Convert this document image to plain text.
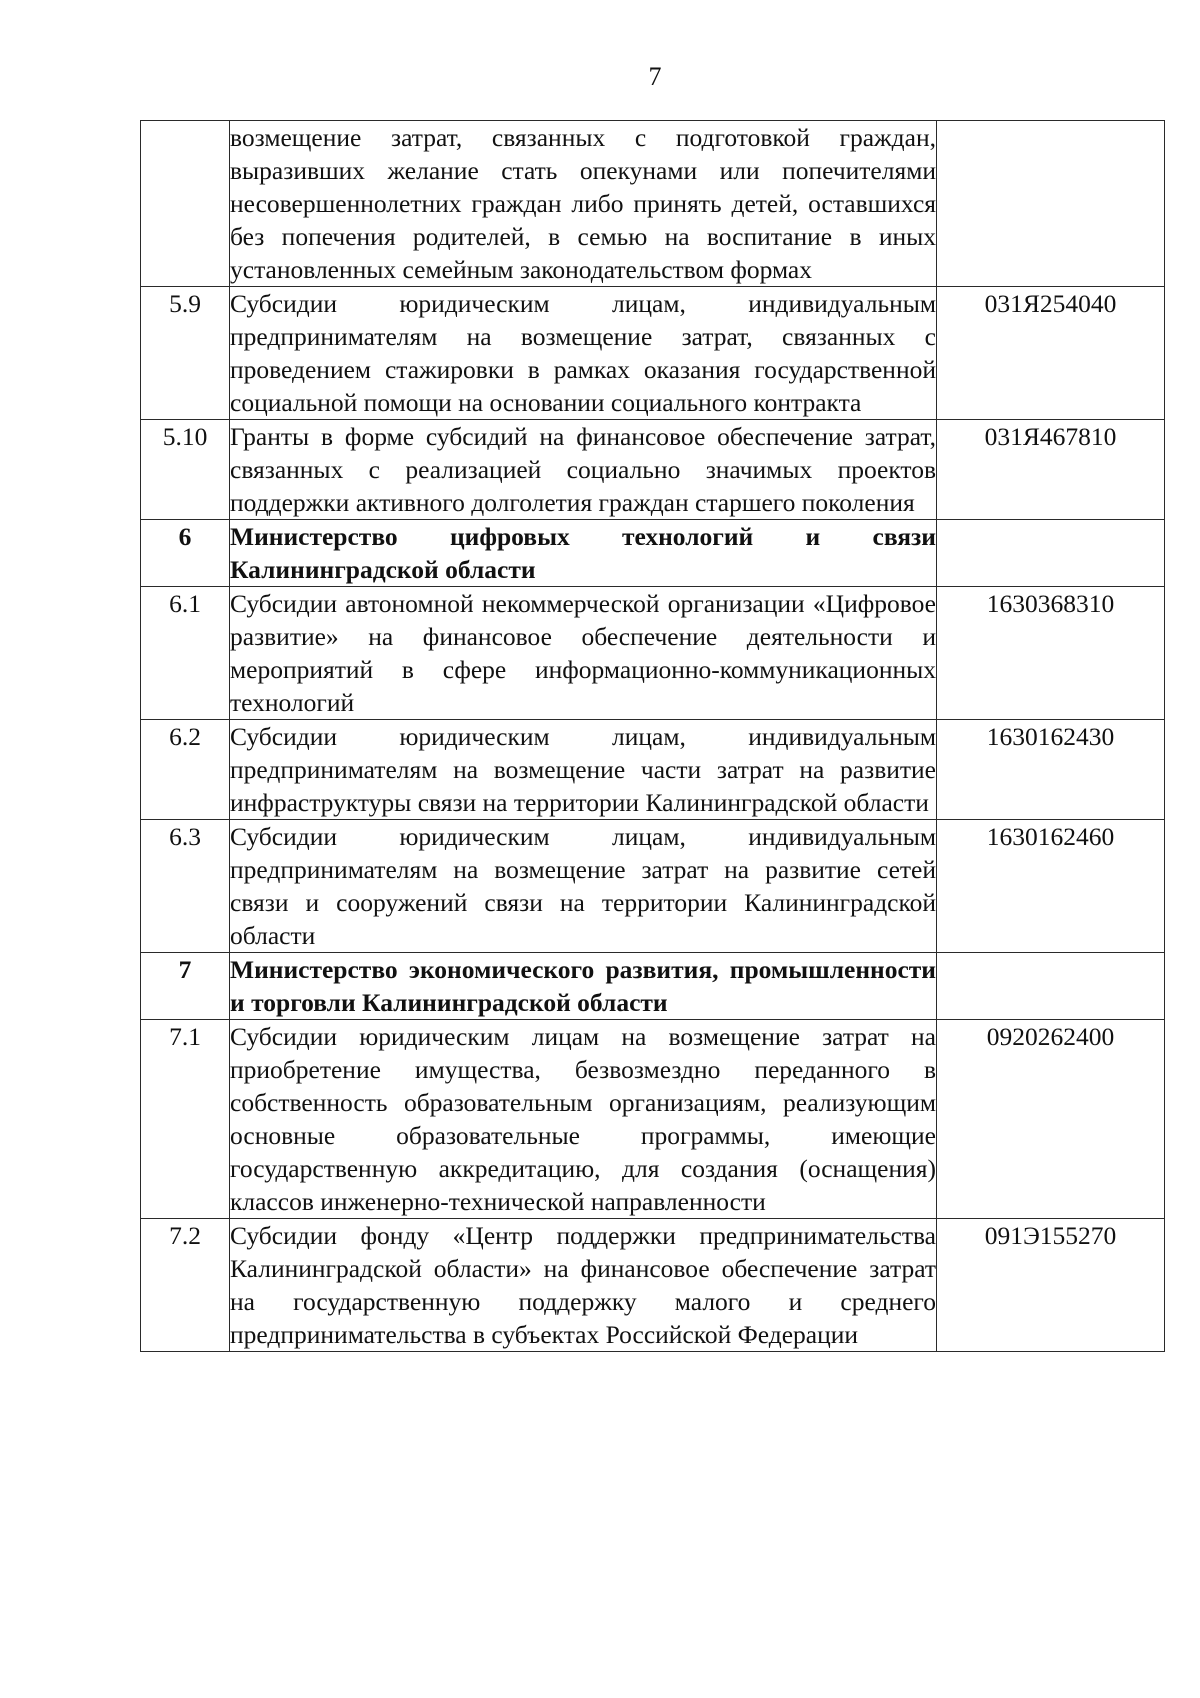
7
	возмещение затрат, связанных с подготовкой граждан, выразивших желание стать опекунами или попечителями несовершеннолетних граждан либо принять детей, оставшихся без попечения родителей, в семью на воспитание в иных установленных семейным законодательством формах	
5.9	Субсидии юридическим лицам, индивидуальным предпринимателям на возмещение затрат, связанных с проведением стажировки в рамках оказания государственной социальной помощи на основании социального контракта	031Я254040
5.10	Гранты в форме субсидий на финансовое обеспечение затрат, связанных с реализацией социально значимых проектов поддержки активного долголетия граждан старшего поколения	031Я467810
6	Министерство цифровых технологий и связи Калининградской области	
6.1	Субсидии автономной некоммерческой организации «Цифровое развитие» на финансовое обеспечение деятельности и мероприятий в сфере информационно-коммуникационных технологий	1630368310
6.2	Субсидии юридическим лицам, индивидуальным предпринимателям на возмещение части затрат на развитие инфраструктуры связи на территории Калининградской области	1630162430
6.3	Субсидии юридическим лицам, индивидуальным предпринимателям на возмещение затрат на развитие сетей связи и сооружений связи на территории Калининградской области	1630162460
7	Министерство экономического развития, промышленности и торговли Калининградской области	
7.1	Субсидии юридическим лицам на возмещение затрат на приобретение имущества, безвозмездно переданного в собственность образовательным организациям, реализующим основные образовательные программы, имеющие государственную аккредитацию, для создания (оснащения) классов инженерно-технической направленности	0920262400
7.2	Субсидии фонду «Центр поддержки предпринимательства Калининградской области» на финансовое обеспечение затрат на государственную поддержку малого и среднего предпринимательства в субъектах Российской Федерации	091Э155270
